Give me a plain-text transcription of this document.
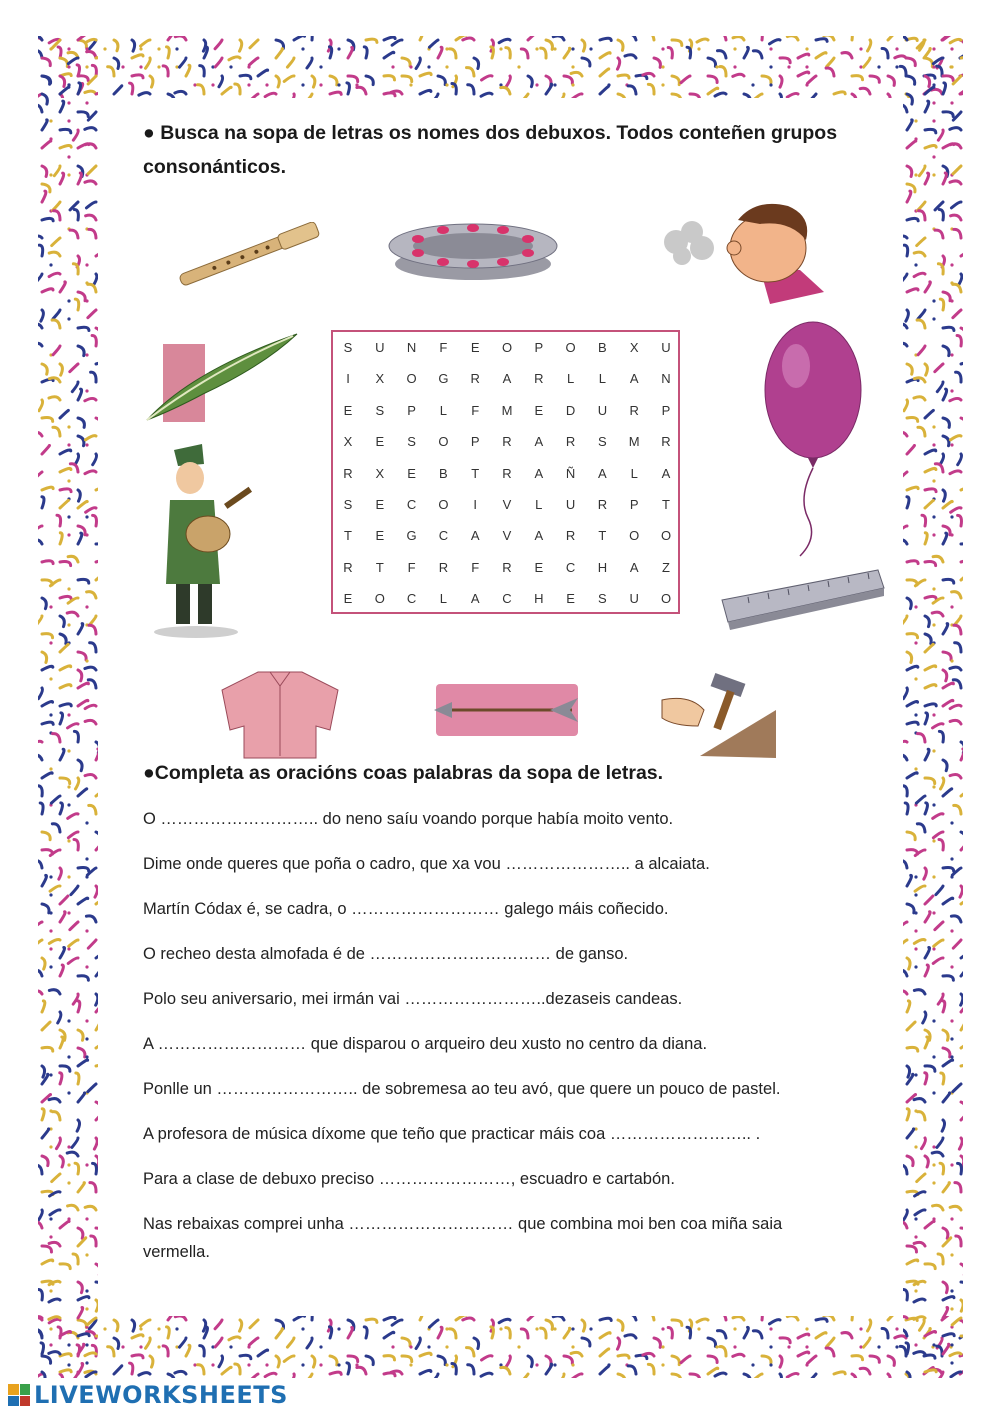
● Busca na sopa de letras os nomes dos debuxos. Todos conteñen grupos consonánticos.

S	U	N	F	E	O	P	O	B	X	U
I	X	O	G	R	A	R	L	L	A	N
E	S	P	L	F	M	E	D	U	R	P
X	E	S	O	P	R	A	R	S	M	R
R	X	E	B	T	R	A	Ñ	A	L	A
S	E	C	O	I	V	L	U	R	P	T
T	E	G	C	A	V	A	R	T	O	O
R	T	F	R	F	R	E	C	H	A	Z
E	O	C	L	A	C	H	E	S	U	O

●Completa as oracións coas palabras da sopa de letras.

O ……………………….. do neno saíu voando porque había moito vento.

Dime onde queres que poña o cadro, que xa vou ………………….. a alcaiata.

Martín Códax é, se cadra, o ……………………… galego máis coñecido.

O recheo desta almofada é de …………………………… de ganso.

Polo seu aniversario, mei irmán vai ……………………..dezaseis candeas.

A ……………………… que disparou o arqueiro deu xusto no centro da diana.

Ponlle un …………………….. de sobremesa ao teu avó, que quere un pouco de pastel.

A profesora de música díxome que teño que practicar máis coa …………………….. .

Para a clase de debuxo preciso ……………………, escuadro e cartabón.

Nas rebaixas comprei unha ………………………… que combina moi ben coa miña saia vermella.

LIVEWORKSHEETS
